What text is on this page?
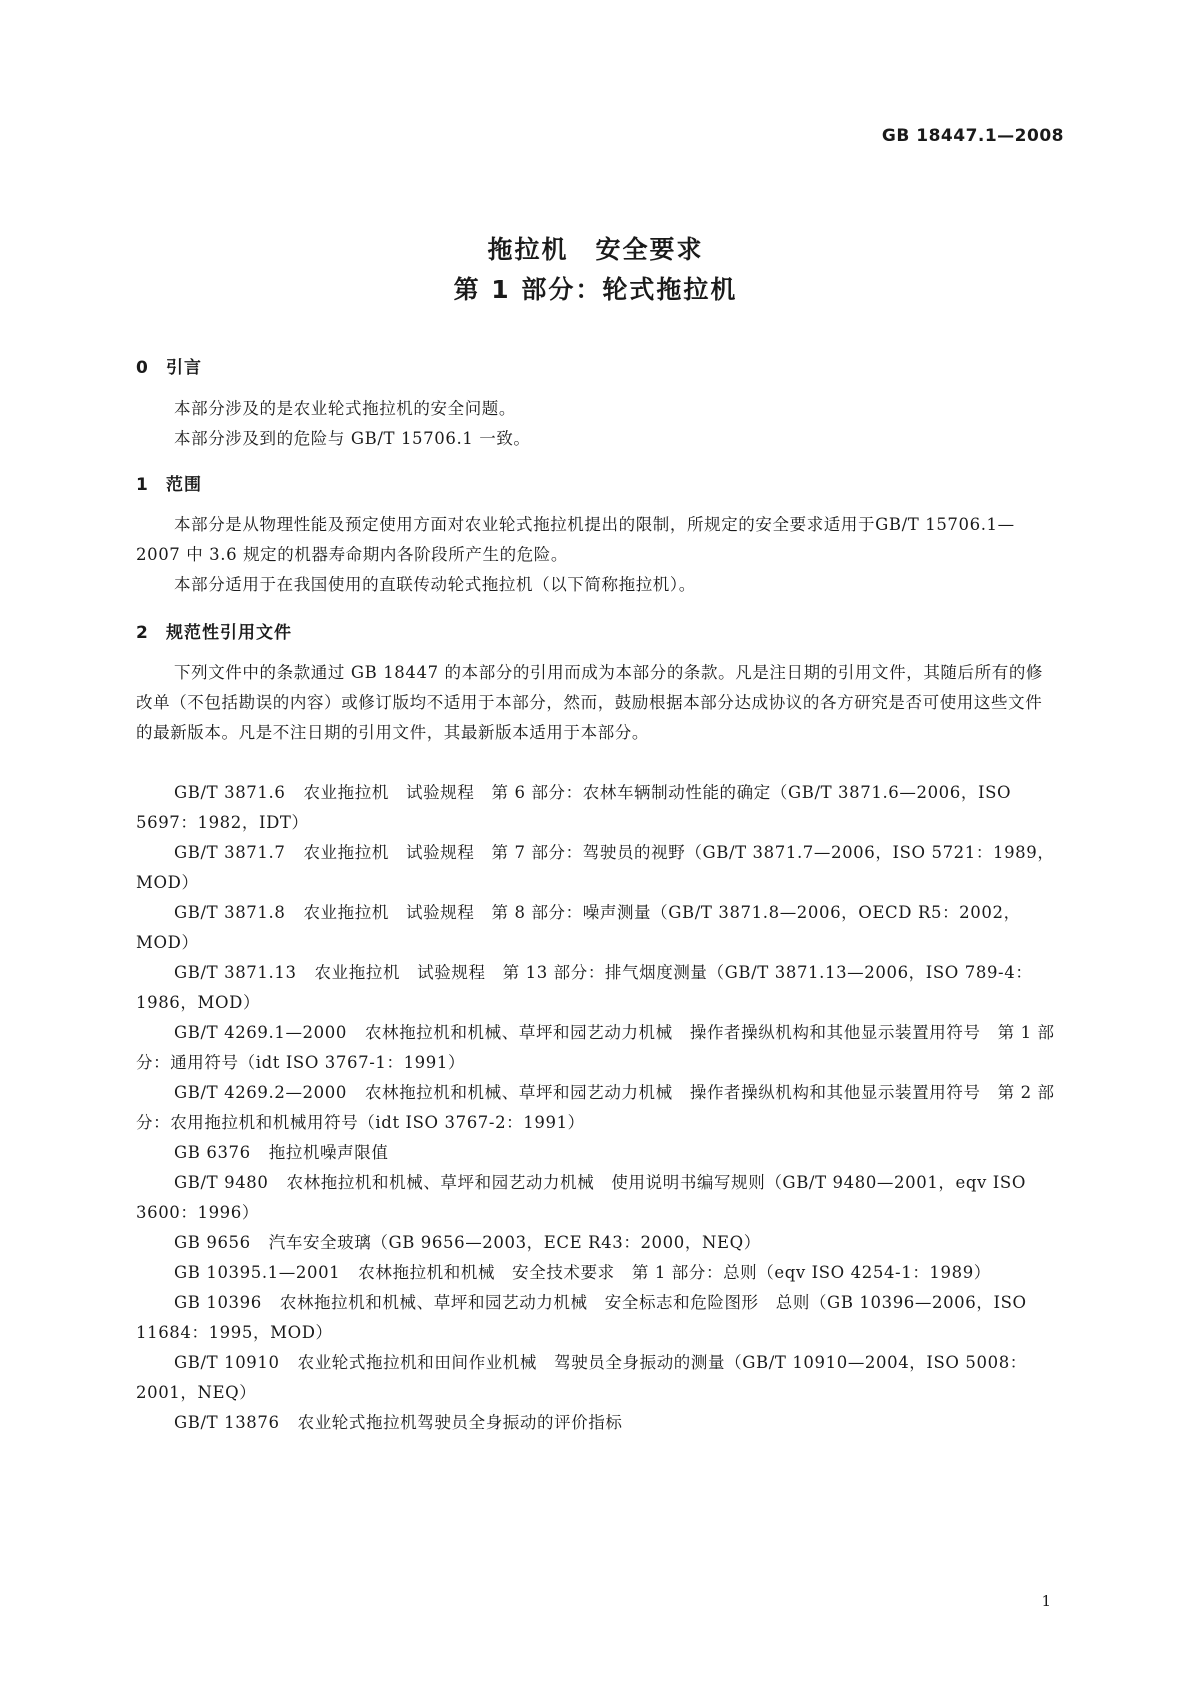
GB 18447.1—2008
拖拉机　安全要求
第 1 部分：轮式拖拉机
0 引言

本部分涉及的是农业轮式拖拉机的安全问题。

本部分涉及到的危险与 GB/T 15706.1 一致。

1 范围

本部分是从物理性能及预定使用方面对农业轮式拖拉机提出的限制，所规定的安全要求适用于GB/T 15706.1—2007 中 3.6 规定的机器寿命期内各阶段所产生的危险。

本部分适用于在我国使用的直联传动轮式拖拉机（以下简称拖拉机）。

2 规范性引用文件

下列文件中的条款通过 GB 18447 的本部分的引用而成为本部分的条款。凡是注日期的引用文件，其随后所有的修改单（不包括勘误的内容）或修订版均不适用于本部分，然而，鼓励根据本部分达成协议的各方研究是否可使用这些文件的最新版本。凡是不注日期的引用文件，其最新版本适用于本部分。

GB/T 3871.6 农业拖拉机　试验规程　第 6 部分：农林车辆制动性能的确定（GB/T 3871.6—2006，ISO 5697：1982，IDT）

GB/T 3871.7 农业拖拉机　试验规程　第 7 部分：驾驶员的视野（GB/T 3871.7—2006，ISO 5721：1989，MOD）

GB/T 3871.8 农业拖拉机　试验规程　第 8 部分：噪声测量（GB/T 3871.8—2006，OECD R5：2002，MOD）

GB/T 3871.13 农业拖拉机　试验规程　第 13 部分：排气烟度测量（GB/T 3871.13—2006，ISO 789-4：1986，MOD）

GB/T 4269.1—2000 农林拖拉机和机械、草坪和园艺动力机械　操作者操纵机构和其他显示装置用符号　第 1 部分：通用符号（idt ISO 3767-1：1991）

GB/T 4269.2—2000 农林拖拉机和机械、草坪和园艺动力机械　操作者操纵机构和其他显示装置用符号　第 2 部分：农用拖拉机和机械用符号（idt ISO 3767-2：1991）

GB 6376 拖拉机噪声限值

GB/T 9480 农林拖拉机和机械、草坪和园艺动力机械　使用说明书编写规则（GB/T 9480—2001，eqv ISO 3600：1996）

GB 9656 汽车安全玻璃（GB 9656—2003，ECE R43：2000，NEQ）

GB 10395.1—2001 农林拖拉机和机械　安全技术要求　第 1 部分：总则（eqv ISO 4254-1：1989）

GB 10396 农林拖拉机和机械、草坪和园艺动力机械　安全标志和危险图形　总则（GB 10396—2006，ISO 11684：1995，MOD）

GB/T 10910 农业轮式拖拉机和田间作业机械　驾驶员全身振动的测量（GB/T 10910—2004，ISO 5008：2001，NEQ）

GB/T 13876 农业轮式拖拉机驾驶员全身振动的评价指标

1
